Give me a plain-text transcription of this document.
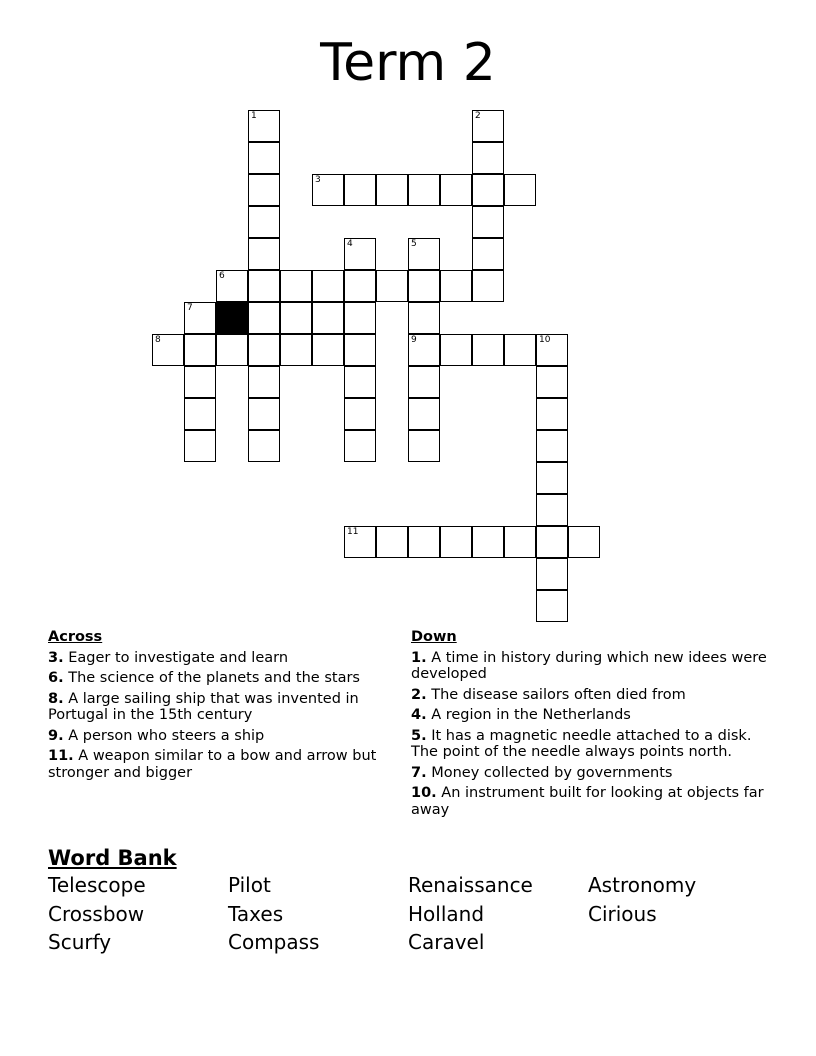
Term 2
1	2
3
4	5
9
6
7
8	10
11
Across
3. Eager to investigate and learn
6. The science of the planets and the stars
8. A large sailing ship that was invented in Portugal in the 15th century
9. A person who steers a ship
11. A weapon similar to a bow and arrow but stronger and bigger
Down
1. A time in history during which new idees were developed
2. The disease sailors often died from
4. A region in the Netherlands
5. It has a magnetic needle attached to a disk. The point of the needle always points north.
7. Money collected by governments
10. An instrument built for looking at objects far away
Word Bank
Telescope	Pilot	Renaissance	Astronomy
Crossbow	Taxes	Holland	Cirious
Scurfy	Compass	Caravel
